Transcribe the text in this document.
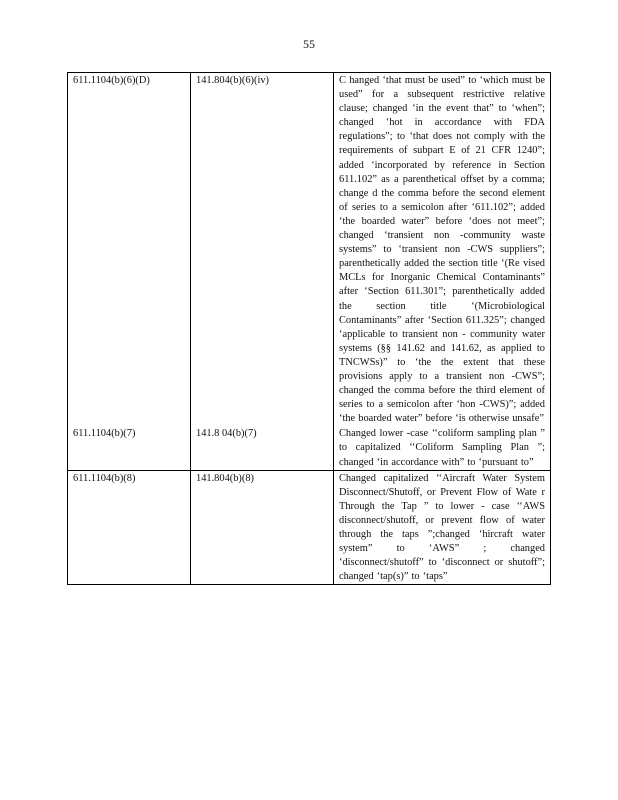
55
611.1104(b)(6)(D)	141.804(b)(6)(iv)	C hanged ‘that must be used” to ‘which must be used” for a subsequent restrictive relative clause; changed ‘in the event that” to ‘when”; changed ‘hot in accordance with FDA regulations”; to ‘that does not comply with the requirements of subpart E of 21 CFR 1240”; added ‘incorporated by reference in Section 611.102” as a parenthetical offset by a comma; change d the comma before the second element of series to a semicolon after ‘611.102”; added ‘the boarded water” before ‘does not meet”; changed ‘transient non -community waste systems” to ‘transient non -CWS suppliers”; parenthetically added the section title ‘(Re vised MCLs for Inorganic Chemical Contaminants” after ‘Section 611.301”; parenthetically added the section title ‘(Microbiological Contaminants” after ‘Section 611.325”; changed ‘applicable to transient non - community water systems (§§ 141.62 and 141.62, as applied to TNCWSs)” to ‘the the extent that these provisions apply to a transient non -CWS”; changed the comma before the third element of series to a semicolon after ‘hon -CWS)”; added ‘the boarded water” before ‘is otherwise unsafe”
611.1104(b)(7)	141.8 04(b)(7)	Changed lower -case ‘‘coliform sampling plan ” to capitalized ‘‘Coliform Sampling Plan ”; changed ‘in accordance with” to ‘pursuant to”
611.1104(b)(8)	141.804(b)(8)	Changed capitalized ‘‘Aircraft Water System Disconnect/Shutoff, or Prevent Flow of Wate r Through the Tap ” to lower - case ‘‘AWS disconnect/shutoff, or prevent flow of water through the taps ”;changed ‘hircraft water system” to ‘AWS” ; changed ‘disconnect/shutoff” to ‘disconnect or shutoff”; changed ‘tap(s)” to ‘taps”
